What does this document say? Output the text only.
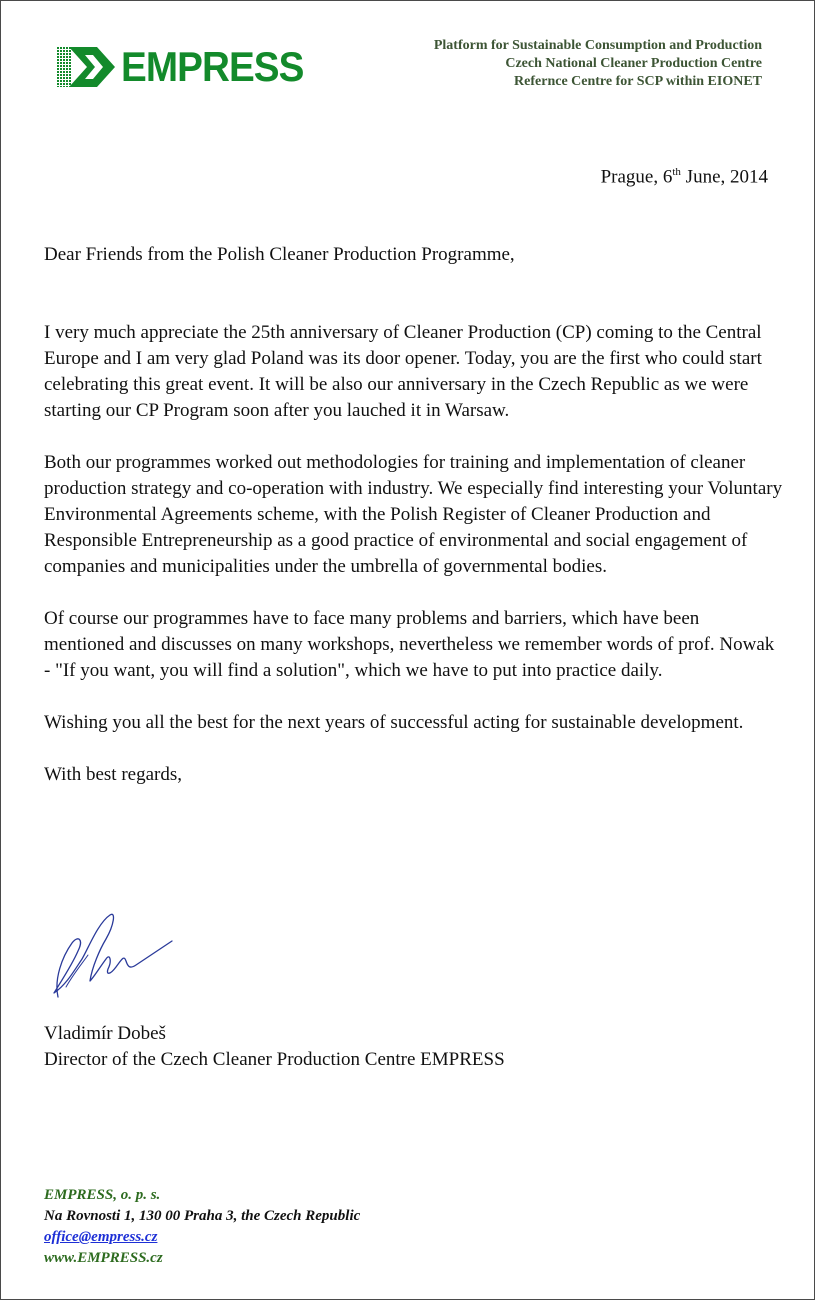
EMPRESS	Platform for Sustainable Consumption and Production
Czech National Cleaner Production Centre
Refernce Centre for SCP within EIONET
Prague, 6th June, 2014

Dear Friends from the Polish Cleaner Production Programme,

I very much appreciate the 25th anniversary of Cleaner Production (CP) coming to the Central Europe and I am very glad Poland was its door opener. Today, you are the first who could start celebrating this great event. It will be also our anniversary in the Czech Republic as we were starting our CP Program soon after you lauched it in Warsaw.

Both our programmes worked out methodologies for training and implementation of cleaner production strategy and co-operation with industry. We especially find interesting your Voluntary Environmental Agreements scheme, with the Polish Register of Cleaner Production and Responsible Entrepreneurship as a good practice of environmental and social engagement of companies and municipalities under the umbrella of governmental bodies.

Of course our programmes have to face many problems and barriers, which have been mentioned and discusses on many workshops, nevertheless we remember words of prof. Nowak - "If you want, you will find a solution", which we have to put into practice daily.

Wishing you all the best for the next years of successful acting for sustainable development.

With best regards,

Vladimír Dobeš
Director of the Czech Cleaner Production Centre EMPRESS
EMPRESS, o. p. s.
Na Rovnosti 1, 130 00 Praha 3, the Czech Republic
office@empress.cz
www.EMPRESS.cz
